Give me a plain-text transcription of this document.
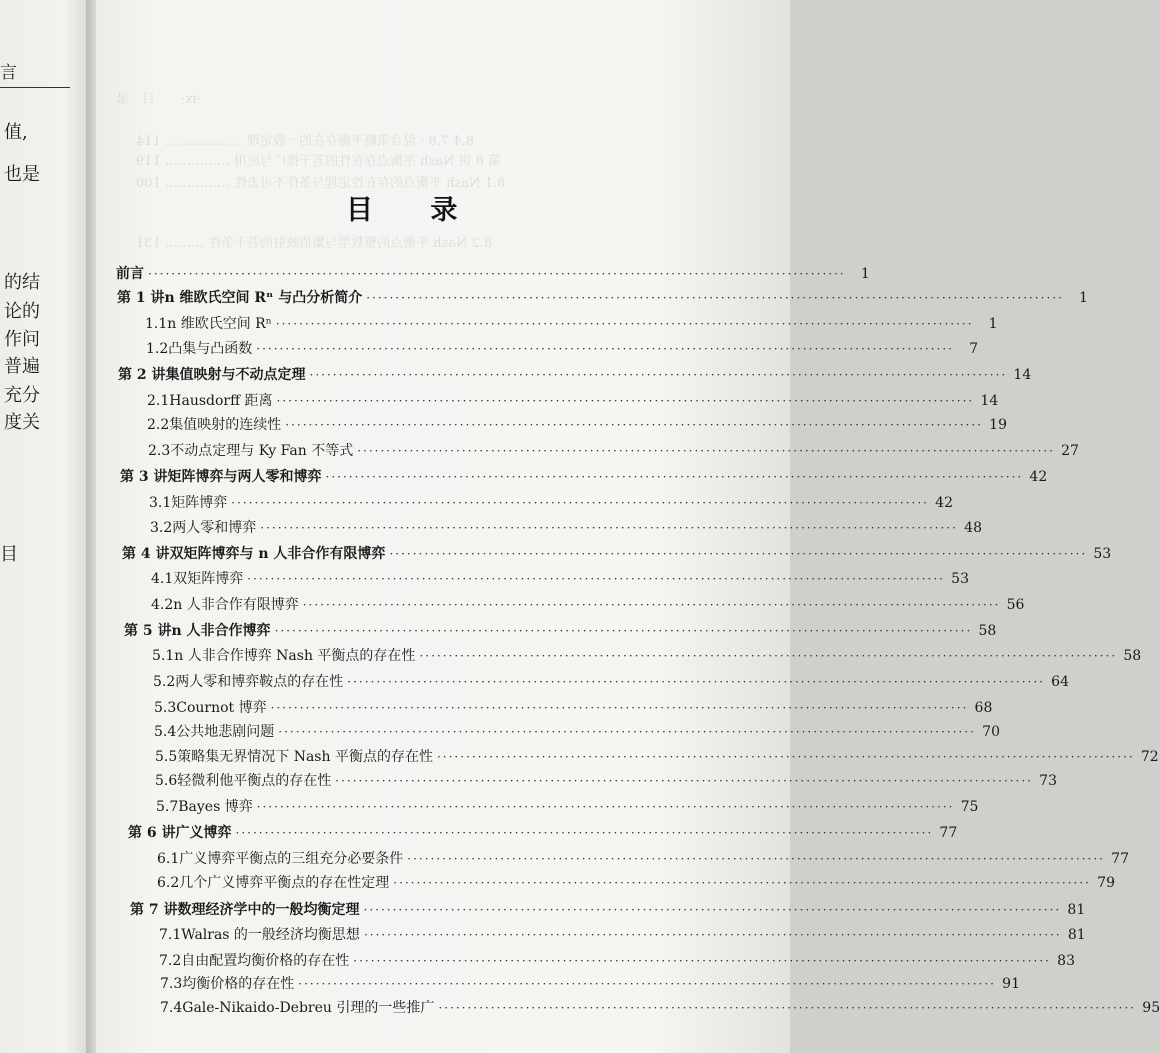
言
值,
也是
的结
论的
作问
普遍
充分
度关
目
·ix·　　目　录
8.4 7.8 · 混合策略平衡存在的一般定理 ……………… 114
第 8 讲 Nash 平衡点存在性的若干推广与应用 …………… 119
8.1 Nash 平衡点的存在性定理与条件不可去性 …………… 100
8.2 Nash 平衡点的整数型与集值映射的若干条件 ……… 131
目 录
前言 ························································································································	1
第 1 讲 n 维欧氏空间 Rⁿ 与凸分析简介 ························································································································	1
1.1 n 维欧氏空间 Rⁿ ························································································································	1
1.2 凸集与凸函数 ························································································································	7
第 2 讲 集值映射与不动点定理 ························································································································ 14
2.1 Hausdorff 距离 ························································································································ 14
2.2 集值映射的连续性 ························································································································ 19
2.3 不动点定理与 Ky Fan 不等式 ························································································································ 27
第 3 讲 矩阵博弈与两人零和博弈 ························································································································ 42
3.1 矩阵博弈 ························································································································ 42
3.2 两人零和博弈 ························································································································ 48
第 4 讲 双矩阵博弈与 n 人非合作有限博弈 ························································································································ 53
4.1 双矩阵博弈 ························································································································ 53
4.2 n 人非合作有限博弈 ························································································································ 56
第 5 讲 n 人非合作博弈 ························································································································ 58
5.1 n 人非合作博弈 Nash 平衡点的存在性 ························································································································ 58
5.2 两人零和博弈鞍点的存在性 ························································································································ 64
5.3 Cournot 博弈 ························································································································ 68
5.4 公共地悲剧问题 ························································································································ 70
5.5 策略集无界情况下 Nash 平衡点的存在性 ························································································································ 72
5.6 轻微利他平衡点的存在性 ························································································································ 73
5.7 Bayes 博弈 ························································································································ 75
第 6 讲 广义博弈 ························································································································ 77
6.1 广义博弈平衡点的三组充分必要条件 ························································································································ 77
6.2 几个广义博弈平衡点的存在性定理 ························································································································ 79
第 7 讲 数理经济学中的一般均衡定理 ························································································································ 81
7.1 Walras 的一般经济均衡思想 ························································································································ 81
7.2 自由配置均衡价格的存在性 ························································································································ 83
7.3 均衡价格的存在性 ························································································································ 91
7.4 Gale-Nikaido-Debreu 引理的一些推广 ························································································································ 95
